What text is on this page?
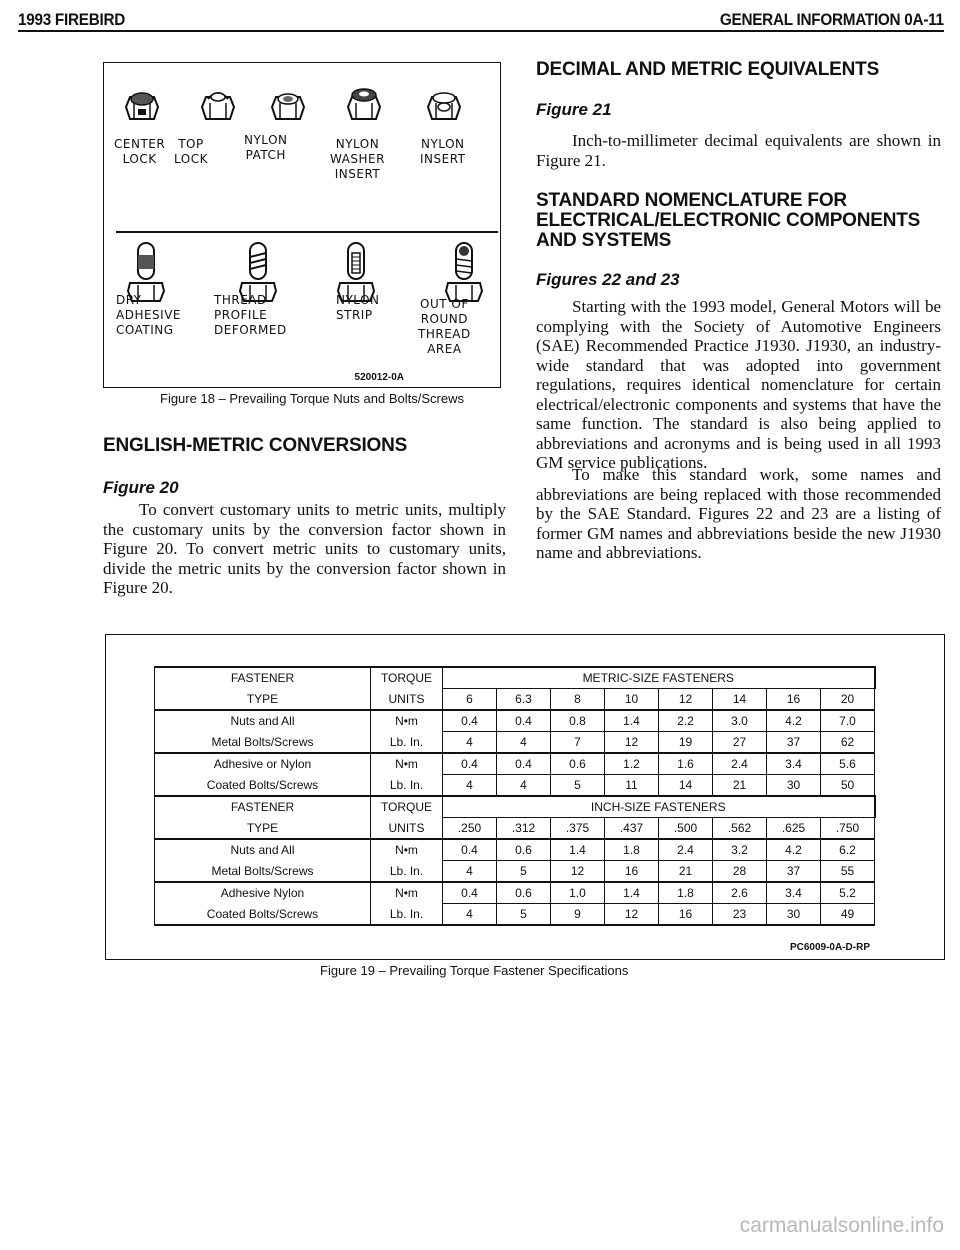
1993 FIREBIRD	GENERAL INFORMATION 0A-11
CENTER
LOCK
TOP
LOCK
NYLON
PATCH
NYLON
WASHER
INSERT
NYLON
INSERT
DRY
ADHESIVE
COATING
THREAD
PROFILE
DEFORMED
NYLON
STRIP
OUT OF
ROUND
THREAD
AREA
520012-0A
Figure 18 – Prevailing Torque Nuts and Bolts/Screws
ENGLISH-METRIC CONVERSIONS
Figure 20

To convert customary units to metric units, multiply the customary units by the conversion factor shown in Figure 20. To convert metric units to customary units, divide the metric units by the conversion factor shown in Figure 20.

DECIMAL AND METRIC EQUIVALENTS
Figure 21

Inch-to-millimeter decimal equivalents are shown in Figure 21.

STANDARD NOMENCLATURE FOR
ELECTRICAL/ELECTRONIC COMPONENTS
AND SYSTEMS
Figures 22 and 23

Starting with the 1993 model, General Motors will be complying with the Society of Automotive Engineers (SAE) Recommended Practice J1930. J1930, an industry-wide standard that was adopted into government regulations, requires identical nomenclature for certain electrical/electronic components and systems that have the same function. The standard is also being applied to abbreviations and acronyms and is being used in all 1993 GM service publications.

To make this standard work, some names and abbreviations are being replaced with those recommended by the SAE Standard. Figures 22 and 23 are a listing of former GM names and abbreviations beside the new J1930 name and abbreviations.

FASTENER	TORQUE	METRIC-SIZE FASTENERS							
TYPE	UNITS	6	6.3	8	10	12	14	16	20
Nuts and All	N•m	0.4	0.4	0.8	1.4	2.2	3.0	4.2	7.0
Metal Bolts/Screws	Lb. In.	4	4	7	12	19	27	37	62
Adhesive or Nylon	N•m	0.4	0.4	0.6	1.2	1.6	2.4	3.4	5.6
Coated Bolts/Screws	Lb. In.	4	4	5	11	14	21	30	50
FASTENER	TORQUE	INCH-SIZE FASTENERS							
TYPE	UNITS	.250	.312	.375	.437	.500	.562	.625	.750
Nuts and All	N•m	0.4	0.6	1.4	1.8	2.4	3.2	4.2	6.2
Metal Bolts/Screws	Lb. In.	4	5	12	16	21	28	37	55
Adhesive Nylon	N•m	0.4	0.6	1.0	1.4	1.8	2.6	3.4	5.2
Coated Bolts/Screws	Lb. In.	4	5	9	12	16	23	30	49
PC6009-0A-D-RP
Figure 19 – Prevailing Torque Fastener Specifications
carmanualsonline.info
